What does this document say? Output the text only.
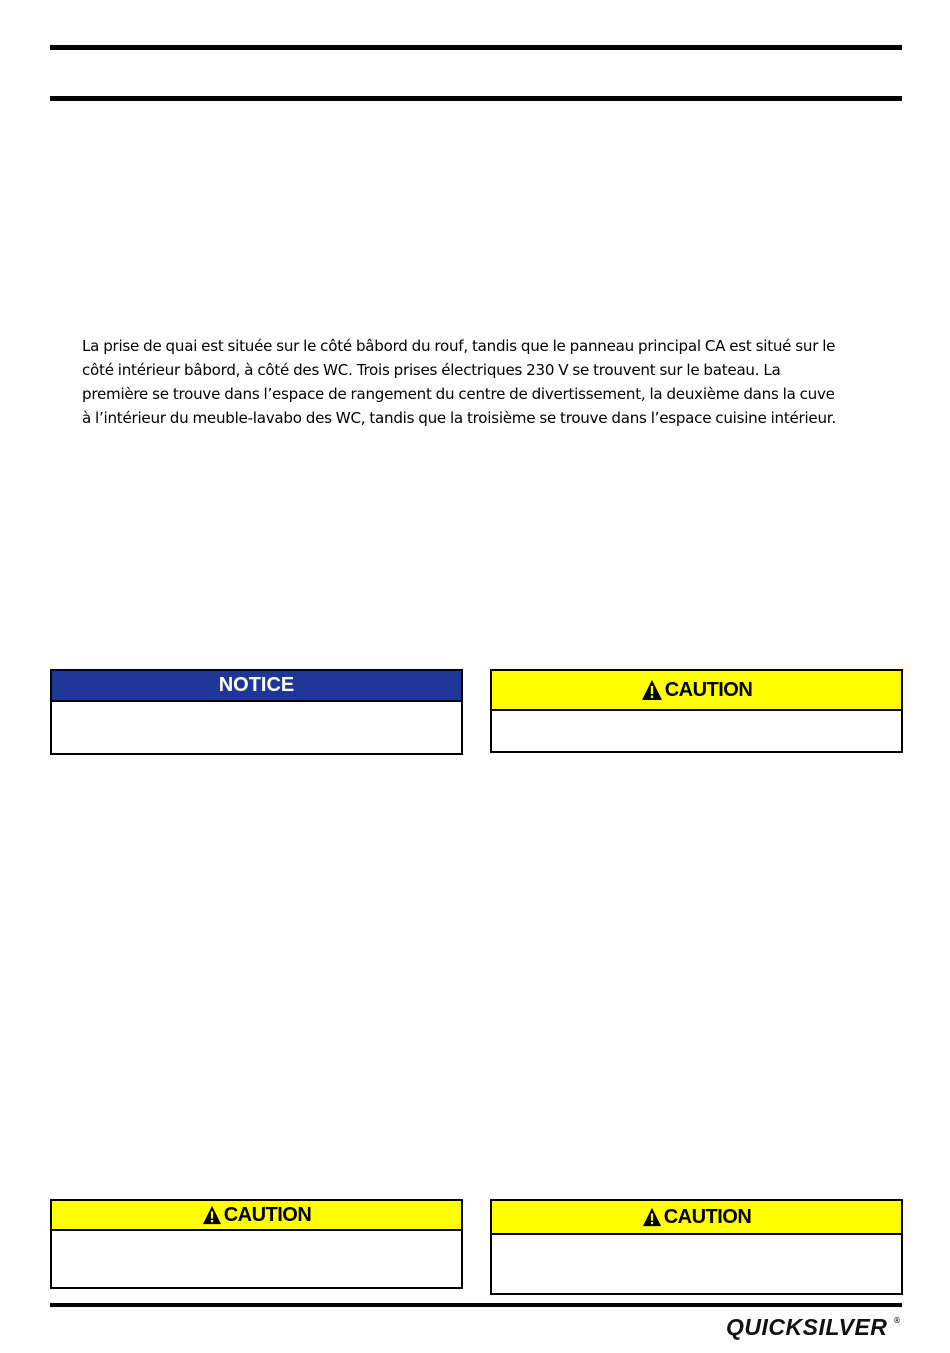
La prise de quai est située sur le côté bâbord du rouf, tandis que le panneau principal CA est situé sur le
côté intérieur bâbord, à côté des WC. Trois prises électriques 230 V se trouvent sur le bateau. La
première se trouve dans l’espace de rangement du centre de divertissement, la deuxième dans la cuve
à l’intérieur du meuble-lavabo des WC, tandis que la troisième se trouve dans l’espace cuisine intérieur.
NOTICE	CAUTION
CAUTION	CAUTION
QUICKSILVER ®
